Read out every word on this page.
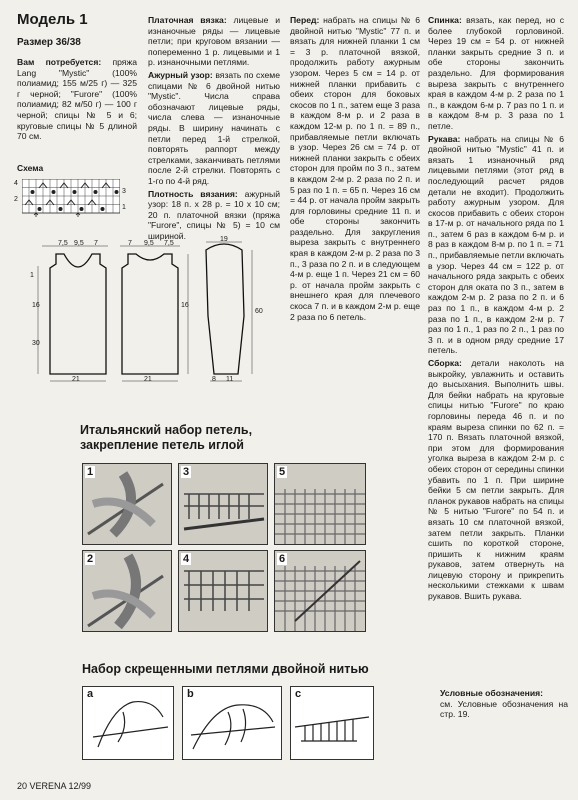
Модель 1
Размер 36/38
Вам потребуется: пряжа Lang "Mystic" (100% полиамид; 155 м/25 г) — 325 г черной; "Furore" (100% полиамид; 82 м/50 г) — 100 г черной; спицы № 5 и 6; круговые спицы № 5 длиной 70 см.
Схема
4
3
2
1
Платочная вязка: лицевые и изнаночные ряды — лицевые петли; при круговом вязании — попеременно 1 р. лицевыми и 1 р. изнаночными петлями.
Ажурный узор: вязать по схеме спицами № 6 двойной нитью "Mystic". Числа справа обозначают лицевые ряды, числа слева — изнаночные ряды. В ширину начинать с петли перед 1-й стрелкой, повторять раппорт между стрелками, заканчивать петлями после 2-й стрелки. Повторять с 1-го по 4-й ряд.
Плотность вязания: ажурный узор: 18 п. х 28 р. = 10 х 10 см; 20 п. платочной вязки (пряжа "Furore", спицы № 5) = 10 см шириной.
Перед: набрать на спицы № 6 двойной нитью "Mystic" 77 п. и вязать для нижней планки 1 см = 3 р. платочной вязкой, продолжить работу ажурным узором. Через 5 см = 14 р. от нижней планки прибавить с обеих сторон для боковых скосов по 1 п., затем еще 3 раза в каждом 8-м р. и 2 раза в каждом 12-м р. по 1 п. = 89 п., прибавляемые петли включать в узор. Через 26 см = 74 р. от нижней планки закрыть с обеих сторон для пройм по 3 п., затем в каждом 2-м р. 2 раза по 2 п. и 5 раз по 1 п. = 65 п. Через 16 см = 44 р. от начала пройм закрыть для горловины средние 11 п. и обе стороны закончить раздельно. Для закругления выреза закрыть с внутреннего края в каждом 2-м р. 2 раза по 3 п., 3 раза по 2 п. и в следующем 4-м р. еще 1 п. Через 21 см = 60 р. от начала пройм закрыть с внешнего края для плечевого скоса 7 п. и в каждом 2-м р. еще 2 раза по 6 петель.
Спинка: вязать, как перед, но с более глубокой горловиной. Через 19 см = 54 р. от нижней планки закрыть средние 3 п. и обе стороны закончить раздельно. Для формирования выреза закрыть с внутреннего края в каждом 4-м р. 2 раза по 1 п., в каждом 6-м р. 7 раз по 1 п. и в каждом 8-м р. 3 раза по 1 петле.
Рукава: набрать на спицы № 6 двойной нитью "Mystic" 41 п. и вязать 1 изнаночный ряд лицевыми петлями (этот ряд в последующий расчет рядов детали не входит). Продолжить работу ажурным узором. Для скосов прибавить с обеих сторон в 17-м р. от начального ряда по 1 п., затем 6 раз в каждом 6-м р. и 8 раз в каждом 8-м р. по 1 п. = 71 п., прибавляемые петли включать в узор. Через 44 см = 122 р. от начального ряда закрыть с обеих сторон для оката по 3 п., затем в каждом 2-м р. 2 раза по 2 п. и 6 раз по 1 п., в каждом 4-м р. 2 раза по 1 п., в каждом 2-м р. 7 раз по 1 п., 1 раз по 2 п., 1 раз по 3 п. и в одном ряду средние 17 петель.
Сборка: детали наколоть на выкройку, увлажнить и оставить до высыхания. Выполнить швы. Для бейки набрать на круговые спицы нитью "Furore" по краю горловины переда 46 п. и по краям выреза спинки по 62 п. = 170 п. Вязать платочной вязкой, при этом для формирования уголка выреза в каждом 2-м р. с обеих сторон от середины спинки убавить по 1 п. При ширине бейки 5 см петли закрыть. Для планок рукавов набрать на спицы № 5 нитью "Furore" по 54 п. и вязать 10 см платочной вязкой, затем петли закрыть. Планки сшить по короткой стороне, пришить к нижним краям рукавов, затем отвернуть на лицевую сторону и прикрепить несколькими стежками к швам рукавов. Вшить рукава.
Условные обозначения:
см. Условные обозначения на стр. 19.
7,5 9,5 7	7 9,5 7,5
1
16
30
21	21
16
19
60
8 11
Итальянский набор петель, закрепление петель иглой
1	3	5
2	4	6
Набор скрещенными петлями двойной нитью
a	b	c
20 VERENA 12/99
